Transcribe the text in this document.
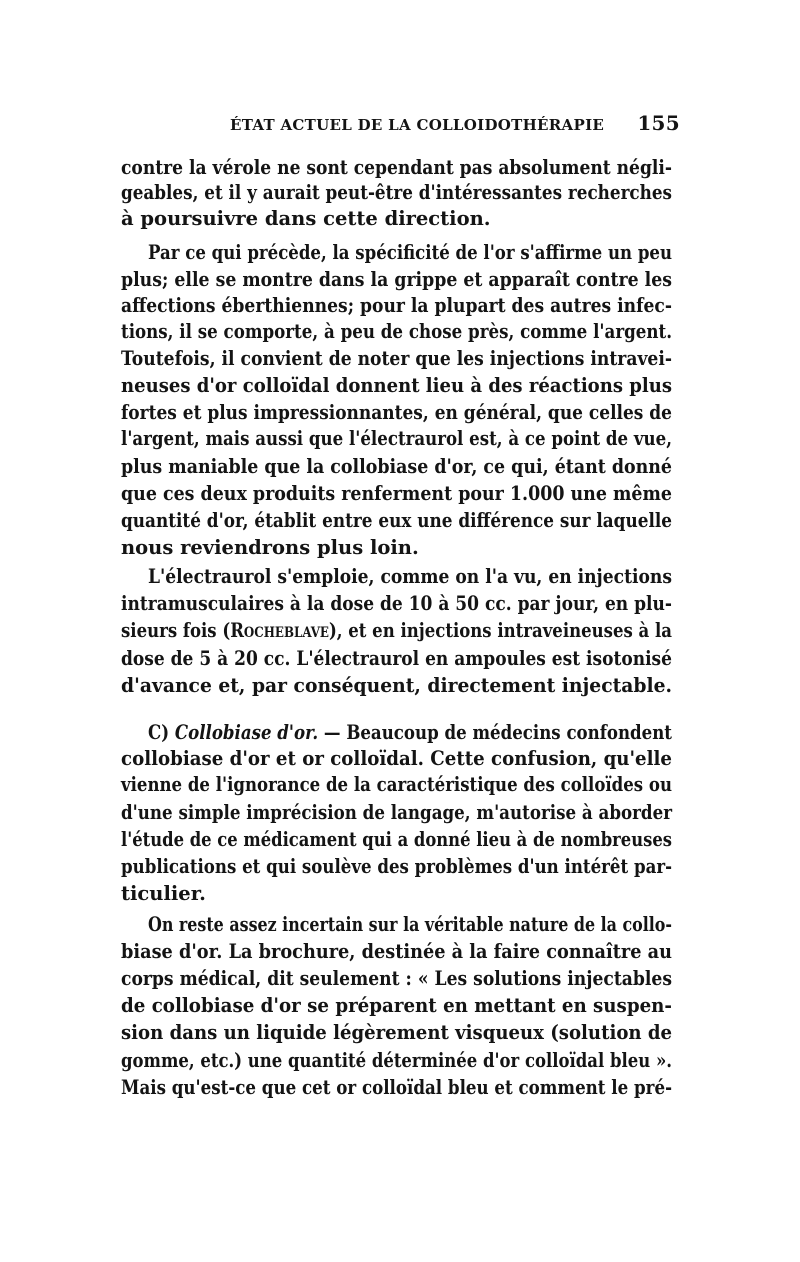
ÉTAT ACTUEL DE LA COLLOIDOTHÉRAPIE 155
contre la vérole ne sont cependant pas absolument négli-
geables, et il y aurait peut-être d'intéressantes recherches
à poursuivre dans cette direction.
Par ce qui précède, la spécificité de l'or s'affirme un peu
plus; elle se montre dans la grippe et apparaît contre les
affections éberthiennes; pour la plupart des autres infec-
tions, il se comporte, à peu de chose près, comme l'argent.
Toutefois, il convient de noter que les injections intravei-
neuses d'or colloïdal donnent lieu à des réactions plus
fortes et plus impressionnantes, en général, que celles de
l'argent, mais aussi que l'électraurol est, à ce point de vue,
plus maniable que la collobiase d'or, ce qui, étant donné
que ces deux produits renferment pour 1.000 une même
quantité d'or, établit entre eux une différence sur laquelle
nous reviendrons plus loin.
L'électraurol s'emploie, comme on l'a vu, en injections
intramusculaires à la dose de 10 à 50 cc. par jour, en plu-
sieurs fois (Rocheblave), et en injections intraveineuses à la
dose de 5 à 20 cc. L'électraurol en ampoules est isotonisé
d'avance et, par conséquent, directement injectable.
C) Collobiase d'or. — Beaucoup de médecins confondent
collobiase d'or et or colloïdal. Cette confusion, qu'elle
vienne de l'ignorance de la caractéristique des colloïdes ou
d'une simple imprécision de langage, m'autorise à aborder
l'étude de ce médicament qui a donné lieu à de nombreuses
publications et qui soulève des problèmes d'un intérêt par-
ticulier.
On reste assez incertain sur la véritable nature de la collo-
biase d'or. La brochure, destinée à la faire connaître au
corps médical, dit seulement : « Les solutions injectables
de collobiase d'or se préparent en mettant en suspen-
sion dans un liquide légèrement visqueux (solution de
gomme, etc.) une quantité déterminée d'or colloïdal bleu ».
Mais qu'est-ce que cet or colloïdal bleu et comment le pré-
